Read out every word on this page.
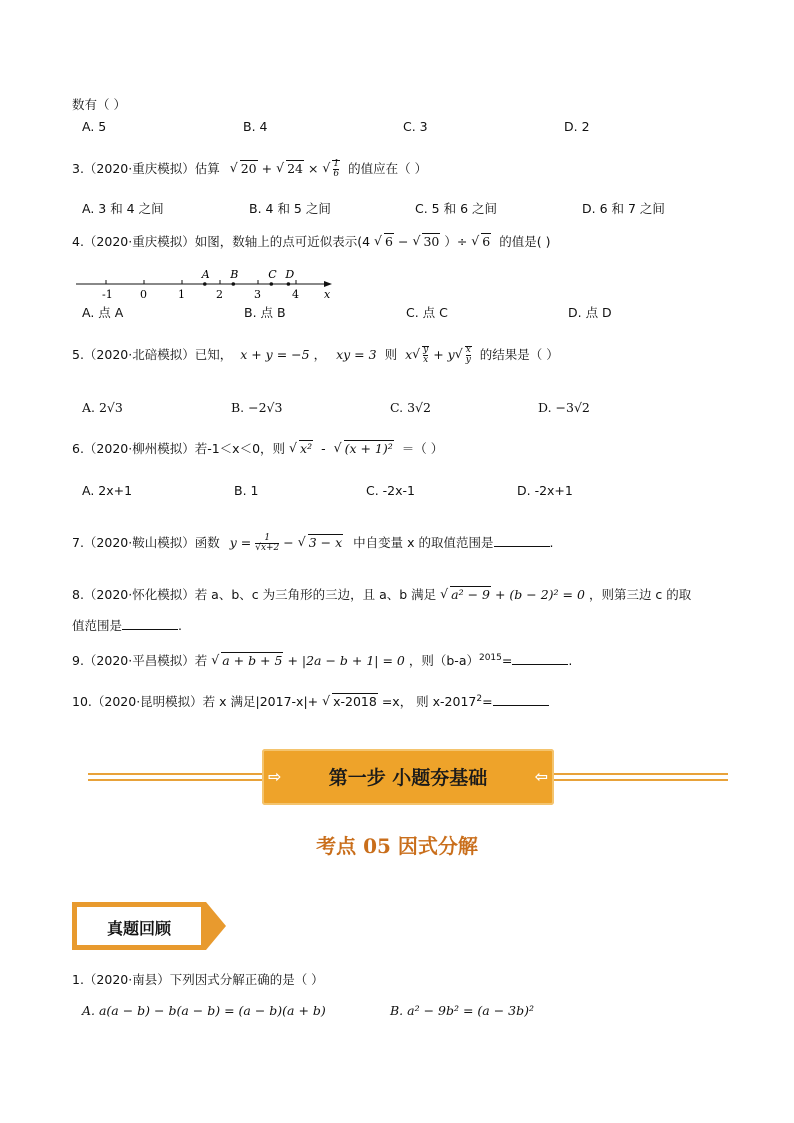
数有（ ）
A. 5	B. 4	C. 3	D. 2
3.（2020·重庆模拟）估算 √ 20 + √ 24 × √ $\frac{1}{6}$ 的值应在（ ）
A. 3 和 4 之间	B. 4 和 5 之间	C. 5 和 6 之间	D. 6 和 7 之间
4.（2020·重庆模拟）如图，数轴上的点可近似表示(4 √ 6 − √ 30 ）÷ √ 6 的值是( )
-1 0	1	2	3	4
A B	C D
x
A. 点 A	B. 点 B	C. 点 C	D. 点 D
5.（2020·北碚模拟）已知， x + y = −5 ， xy = 3 则 x √ $\frac{y}{x} + y$ √ $\frac{x}{y}$ 的结果是（ ）
A. 2√3	B. −2√3	C. 3√2	D. −3√2
6.（2020·柳州模拟）若-1＜x＜0，则 √ x² - √ (x + 1)² ＝（ ）
A. 2x+1	B. 1	C. -2x-1	D. -2x+1
7.（2020·鞍山模拟）函数 $y = \frac{1}{√x+2}$ − √ 3 − x 中自变量 x 的取值范围是	.
8.（2020·怀化模拟）若 a、b、c 为三角形的三边，且 a、b 满足 √ a² − 9 + (b − 2)² = 0 ，则第三边 c 的取
值范围是	.
9.（2020·平昌模拟）若 √ a + b + 5 + |2a − b + 1| = 0 ，则$(b-a)^{2015}=$	.
10.（2020·昆明模拟）若 x 满足|2017-x|+ √ x-2018 =x， 则 $x-2017^2=$
⇨	第一步 小题夯基础	⇦
考点 05 因式分解
真题回顾
1.（2020·南县）下列因式分解正确的是（ ）
A. a(a − b) − b(a − b) = (a − b)(a + b)	B. a² − 9b² = (a − 3b)²
